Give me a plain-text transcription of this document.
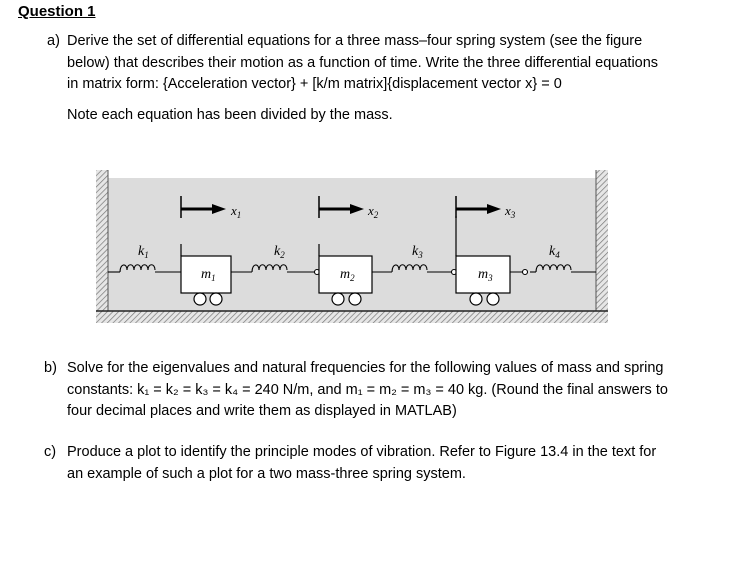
Question 1
a) Derive the set of differential equations for a three mass–four spring system (see the figure
below) that describes their motion as a function of time. Write the three differential equations
in matrix form: {Acceleration vector} + [k/m matrix]{displacement vector x} = 0
Note each equation has been divided by the mass.
$x_1$	$x_2$	$x_3$
$k_1$	$k_2$	$k_3$	$k_4$
$m_1$	$m_2$	$m_3$
b) Solve for the eigenvalues and natural frequencies for the following values of mass and spring
constants: k₁ = k₂ = k₃ = k₄ = 240 N/m, and m₁ = m₂ = m₃ = 40 kg. (Round the final answers to
four decimal places and write them as displayed in MATLAB)
c) Produce a plot to identify the principle modes of vibration. Refer to Figure 13.4 in the text for
an example of such a plot for a two mass-three spring system.
